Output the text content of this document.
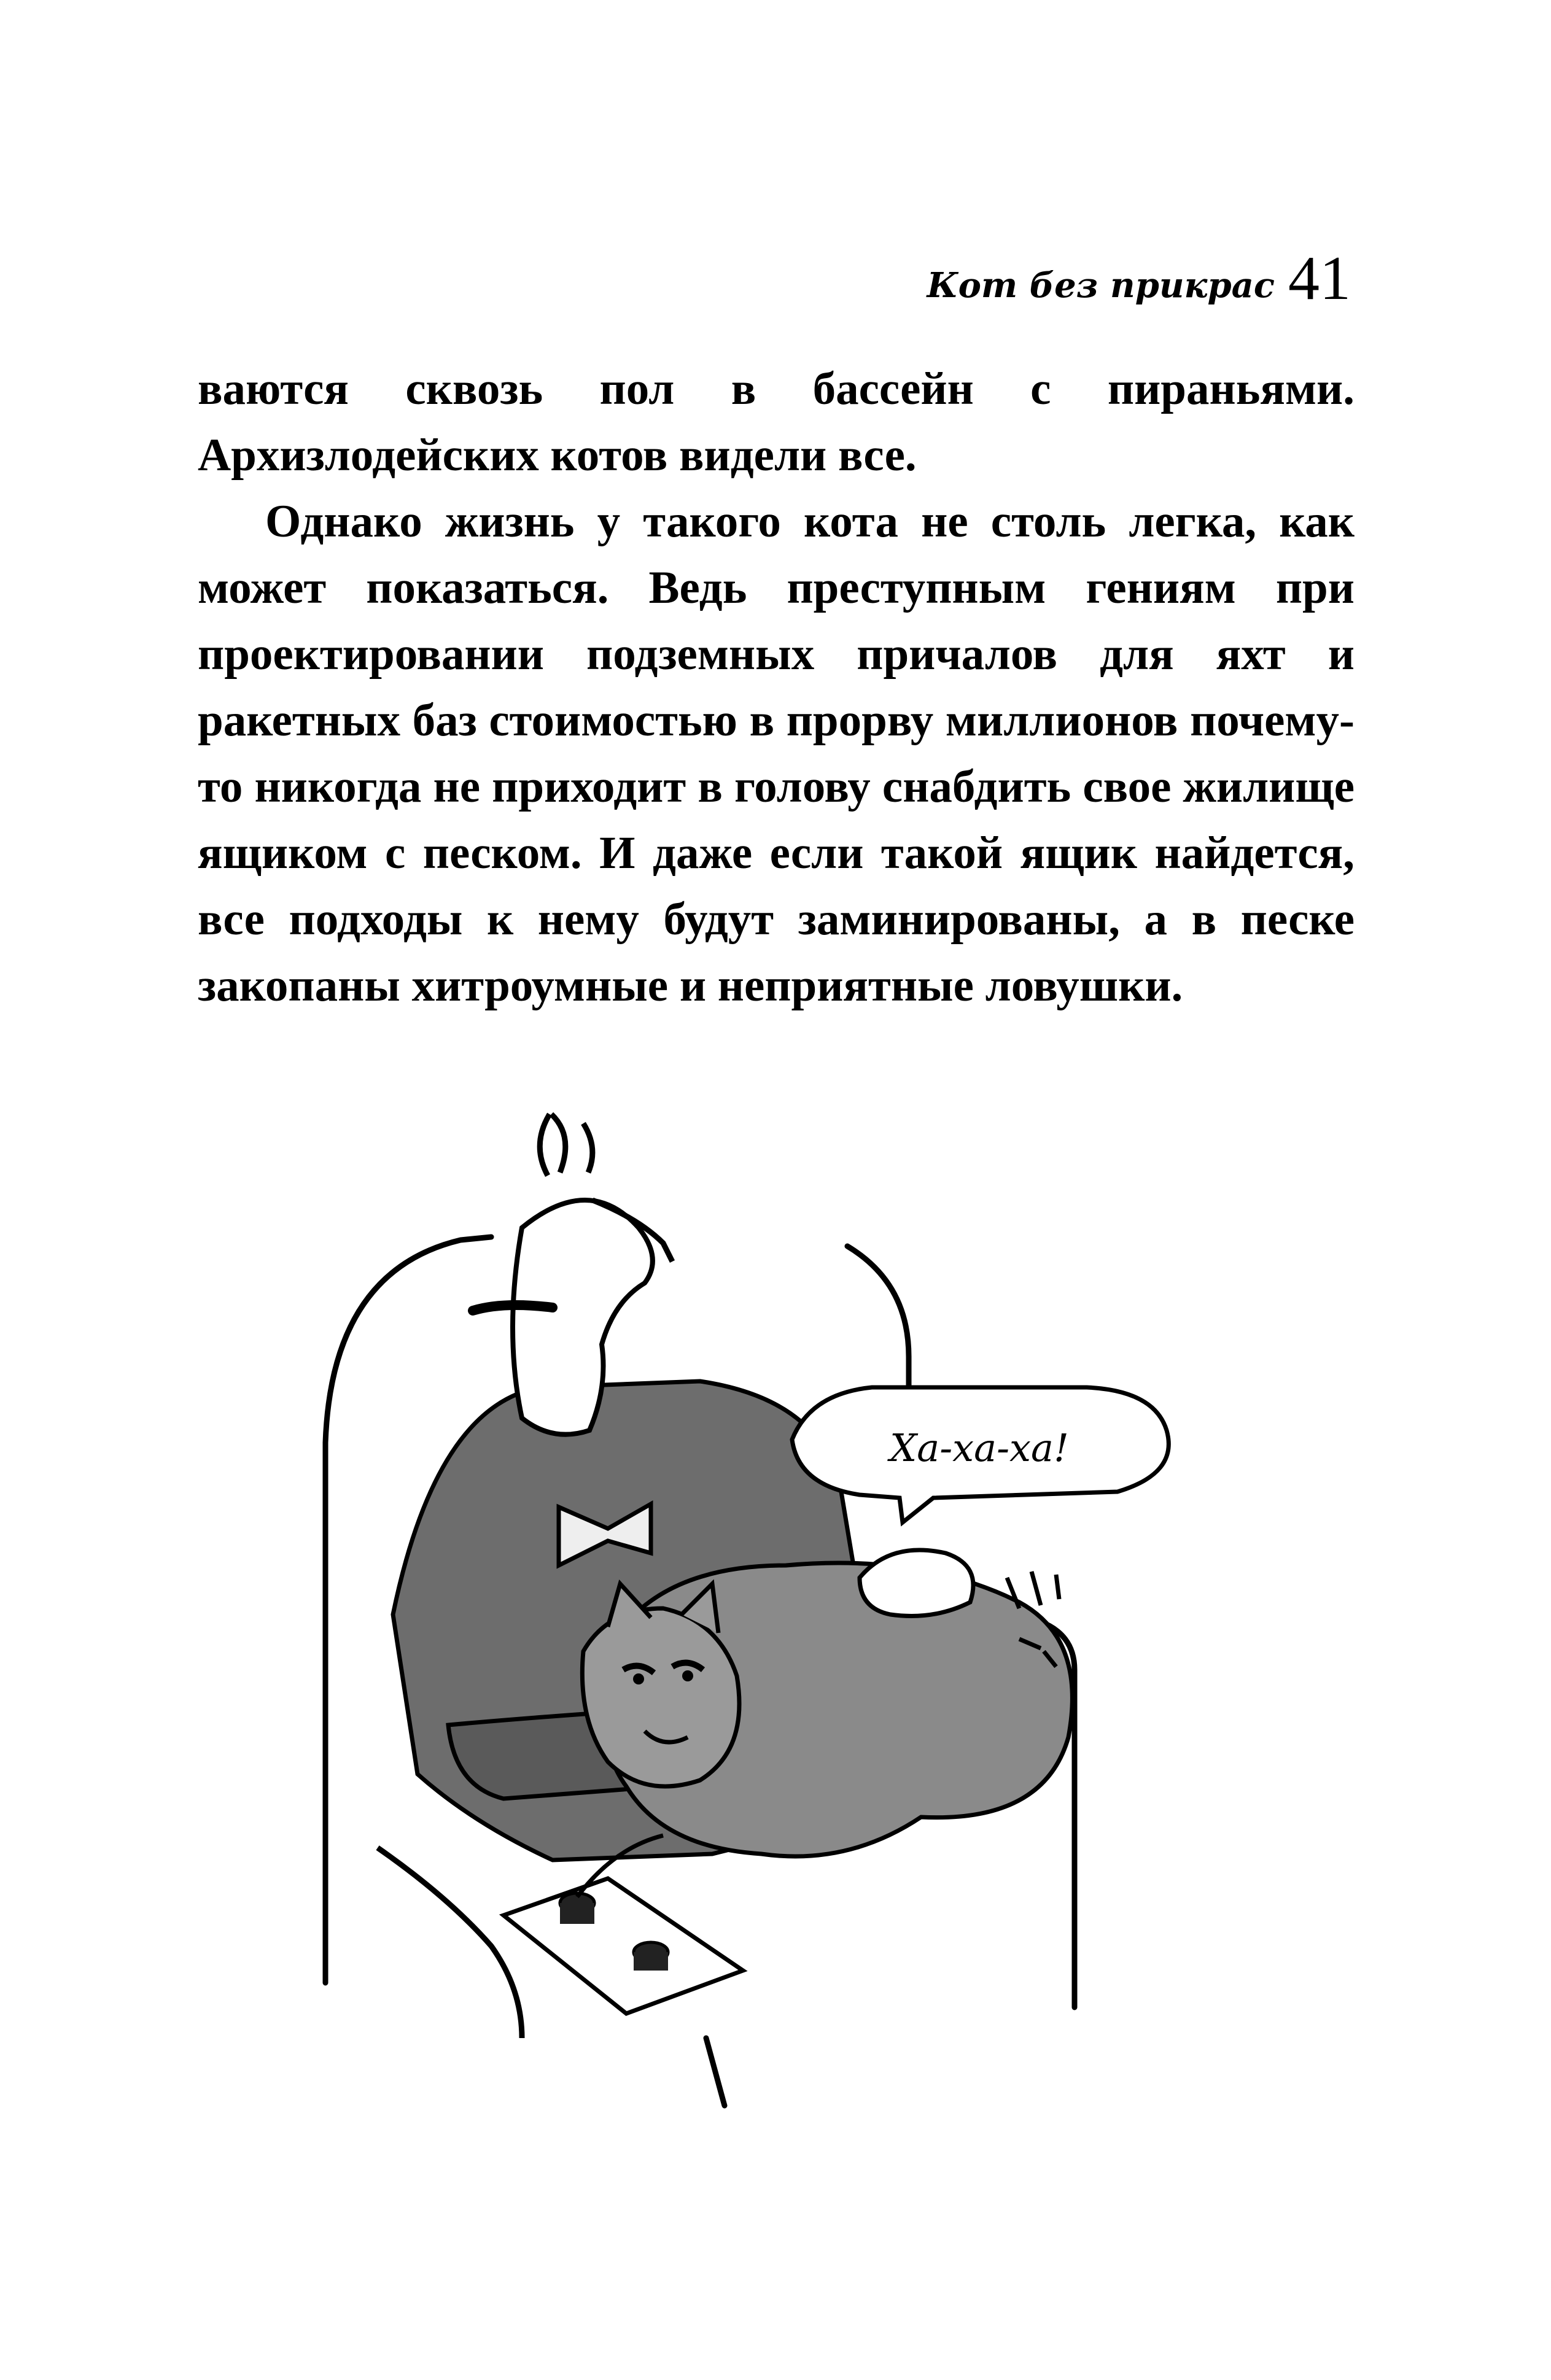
Кот без прикрас 41

ваются сквозь пол в бассейн с пираньями. Архизлодейских котов видели все.

Однако жизнь у такого кота не столь легка, как может показаться. Ведь преступным гениям при проектировании подземных причалов для яхт и ракетных баз стоимостью в прорву миллионов почему-то никогда не приходит в голову снабдить свое жилище ящиком с песком. И даже если такой ящик найдется, все подходы к нему будут заминированы, а в песке закопаны хитроумные и неприятные ловушки.

Ха-ха-ха!
